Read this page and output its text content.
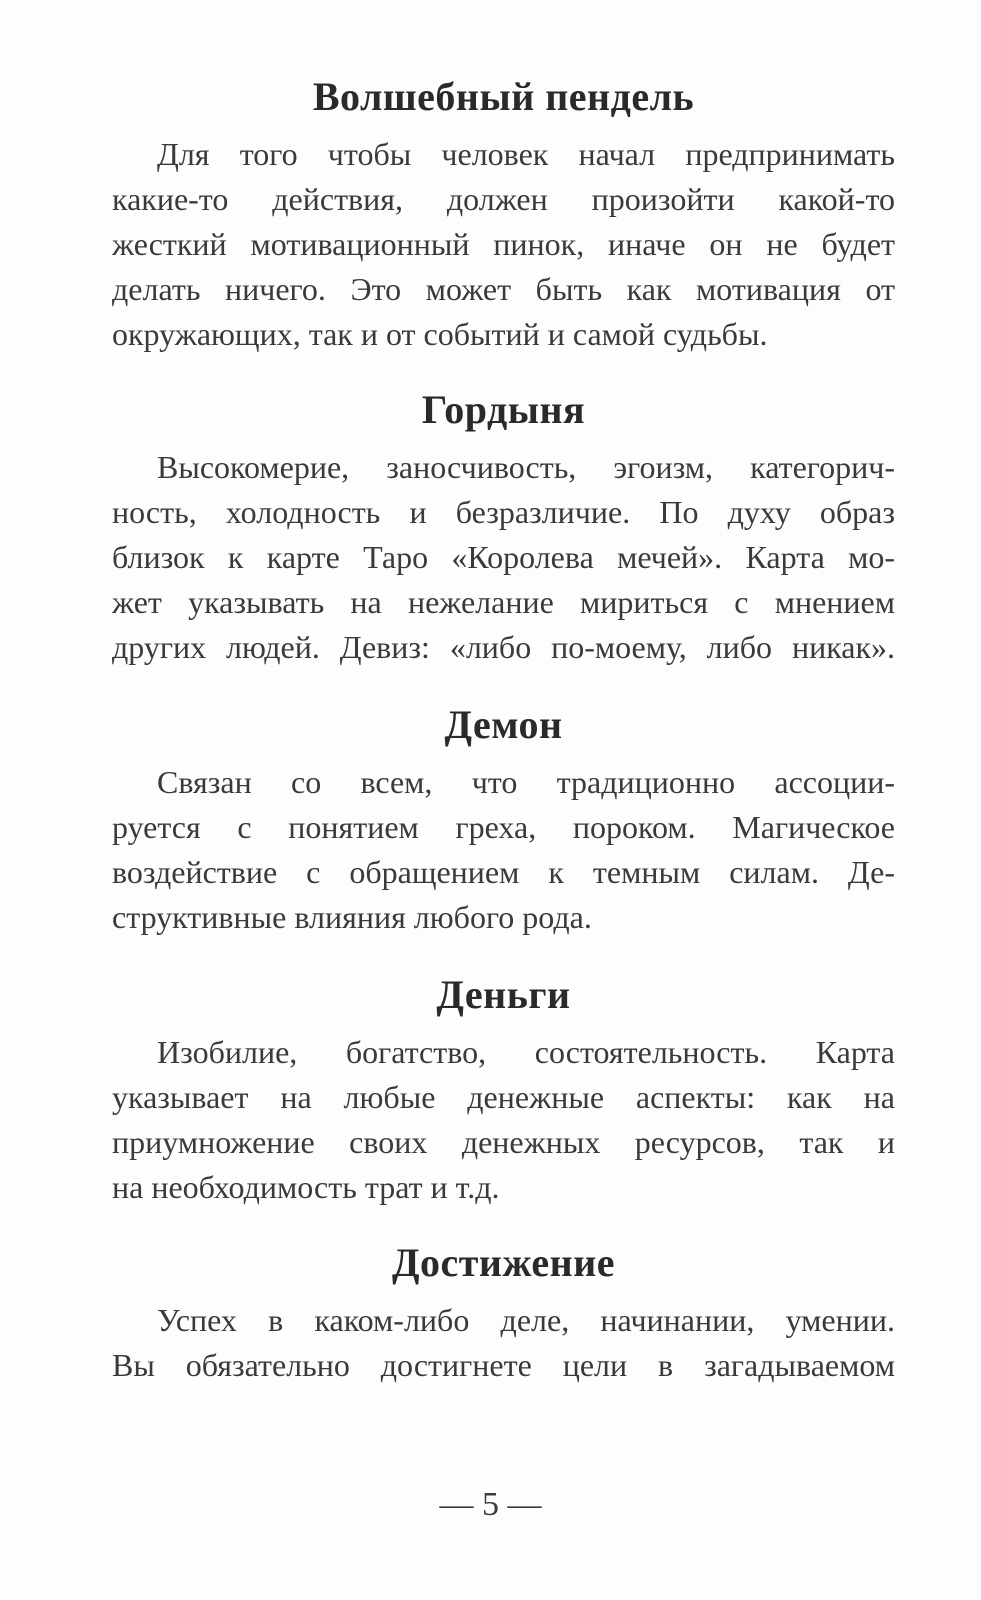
Волшебный пендель
Для того чтобы человек начал предпринимать
какие-то действия, должен произойти какой-то
жесткий мотивационный пинок, иначе он не будет
делать ничего. Это может быть как мотивация от
окружающих, так и от событий и самой судьбы.
Гордыня
Высокомерие, заносчивость, эгоизм, категорич-
ность, холодность и безразличие. По духу образ
близок к карте Таро «Королева мечей». Карта мо-
жет указывать на нежелание мириться с мнением
других людей. Девиз: «либо по-моему, либо никак».
Демон
Связан со всем, что традиционно ассоции-
руется с понятием греха, пороком. Магическое
воздействие с обращением к темным силам. Де-
структивные влияния любого рода.
Деньги
Изобилие, богатство, состоятельность. Карта
указывает на любые денежные аспекты: как на
приумножение своих денежных ресурсов, так и
на необходимость трат и т.д.
Достижение
Успех в каком-либо деле, начинании, умении.
Вы обязательно достигнете цели в загадываемом
— 5 —
